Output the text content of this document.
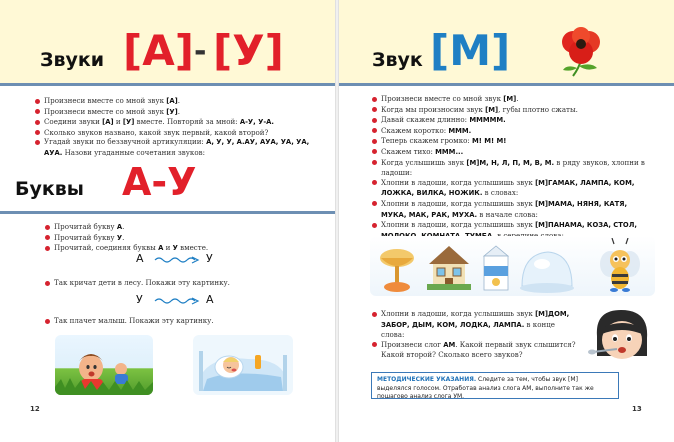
Звуки [А] - [У]
Произнеси вместе со мной звук [А].
Произнеси вместе со мной звук [У].
Соедини звуки [А] и [У] вместе. Повторяй за мной: А-У, У-А.
Сколько звуков названо, какой звук первый, какой второй?
Угадай звуки по беззвучной артикуляции: А, У, У, А.АУ, АУА, УА, УА, АУА. Назови угаданные сочетания звуков:
Буквы А-У
Прочитай букву А.
Прочитай букву У.
Прочитай, соединяя буквы А и У вместе.
А	У
Так кричат дети в лесу. Покажи эту картинку.
У	А
Так плачет малыш. Покажи эту картинку.
12
Звук [М]
Произнеси вместе со мной звук [М].
Когда мы произносим звук [М], губы плотно сжаты.
Давай скажем длинно: МММММ.
Скажем коротко: МММ.
Теперь скажем громко: М! М! М!
Скажем тихо: МММ...
Когда услышишь звук [М]М, Н, Л, П, М, В, М. в ряду звуков, хлопни в ладоши:
Хлопни в ладоши, когда услышишь звук [М]ГАМАК, ЛАМПА, КОМ, ЛОЖКА, ВИЛКА, НОЖИК. в словах:
Хлопни в ладоши, когда услышишь звук [М]МАМА, НЯНЯ, КАТЯ, МУКА, МАК, РАК, МУХА. в начале слова:
Хлопни в ладоши, когда услышишь звук [М]ПАНАМА, КОЗА, СТОЛ,
Хлопни в ладоши, когда услышишь звук [М]ДОМ, ЗАБОР, ДЫМ, КОМ, ЛОДКА, ЛАМПА. в конце слова:
Произнеси слог АМ. Какой первый звук слышится? Какой второй? Сколько всего звуков?
МЕТОДИЧЕСКИЕ УКАЗАНИЯ. Следите за тем, чтобы звук [М] выделялся голосом. Отработав анализ слога АМ, выполните так же пошагово анализ слога УМ.
13
